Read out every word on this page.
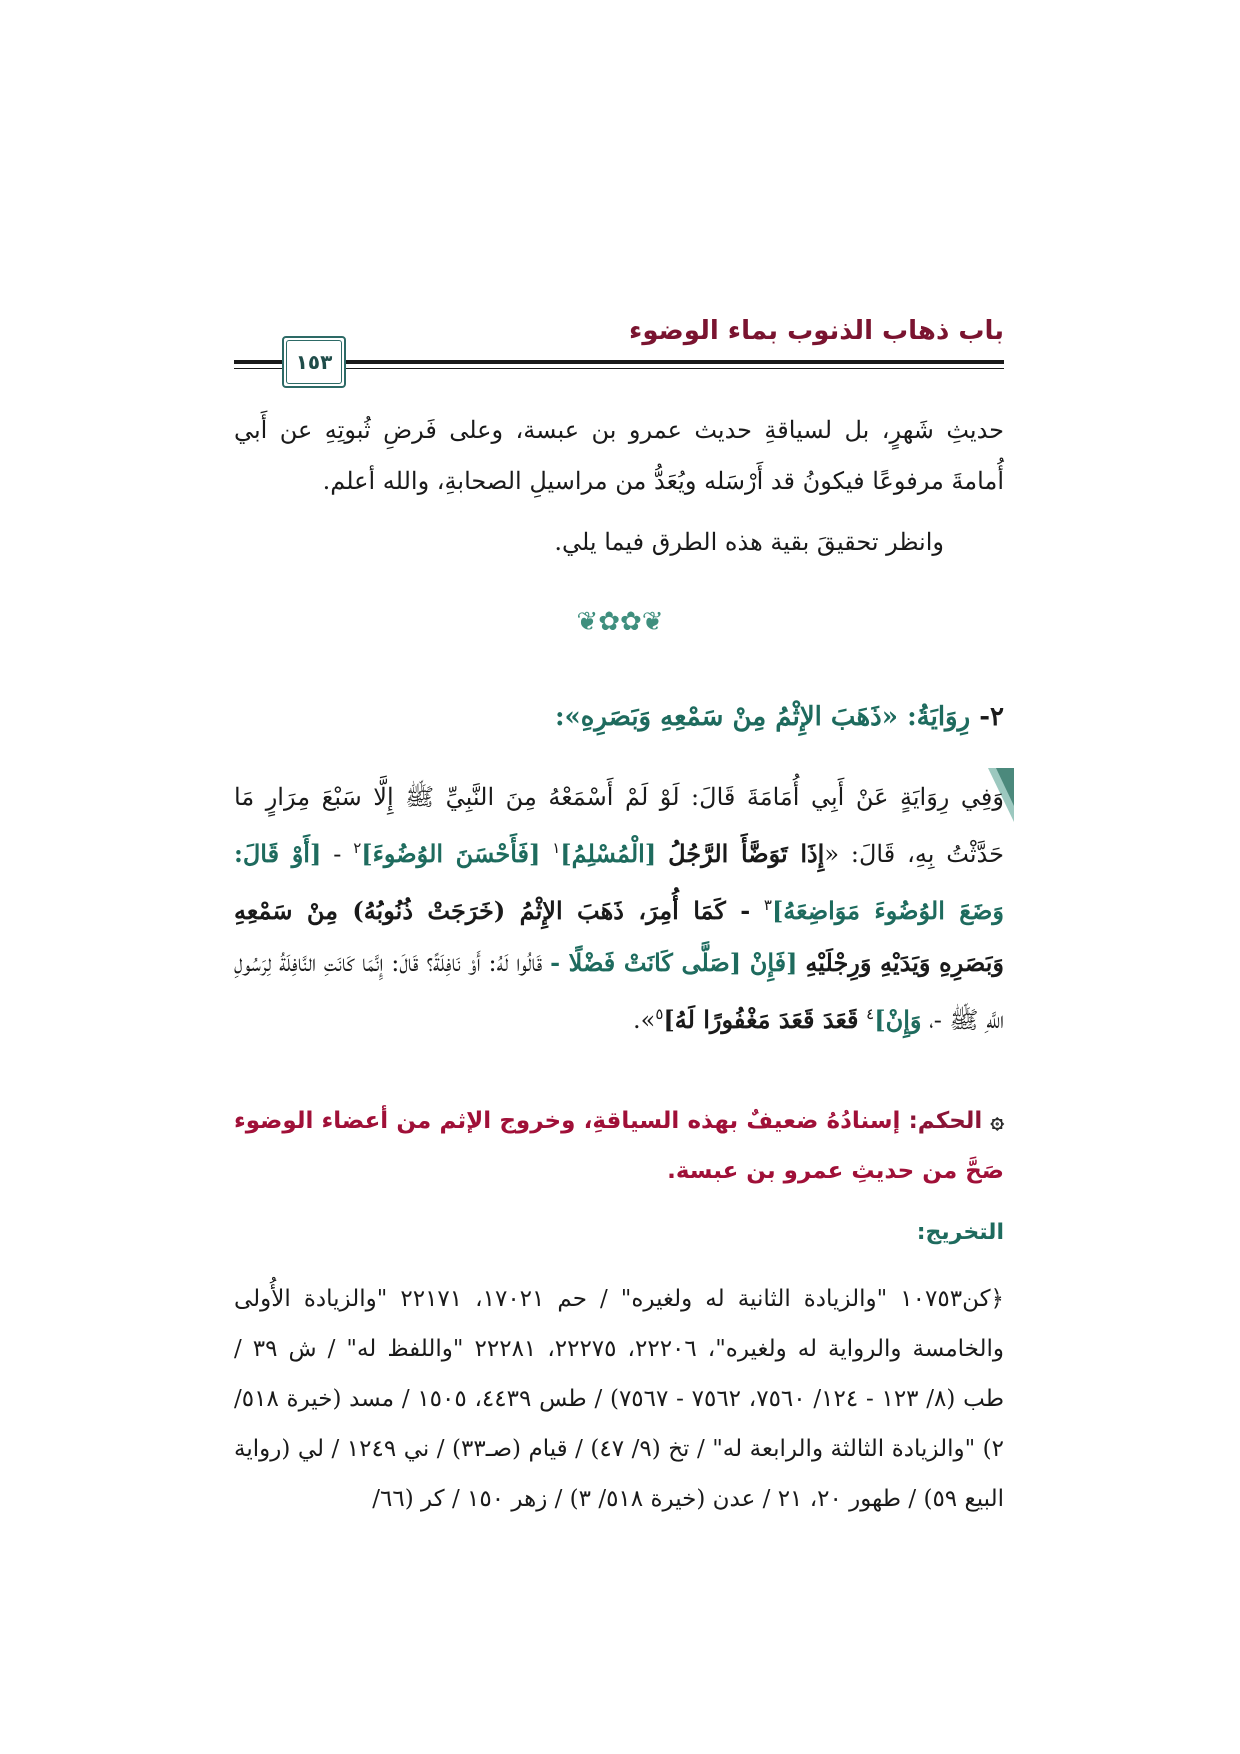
باب ذهاب الذنوب بماء الوضوء
١٥٣

حديثِ شَهرٍ، بل لسياقةِ حديث عمرو بن عبسة، وعلى فَرضِ ثُبوتِهِ عن أَبي أُمامةَ مرفوعًا فيكونُ قد أَرْسَله ويُعَدُّ من مراسيلِ الصحابةِ، والله أعلم.

وانظر تحقيقَ بقية هذه الطرق فيما يلي.

❦✿✿❦
٢- رِوَايَةُ: «ذَهَبَ الإِثْمُ مِنْ سَمْعِهِ وَبَصَرِهِ»:

وَفِي رِوَايَةٍ عَنْ أَبِي أُمَامَةَ قَالَ: لَوْ لَمْ أَسْمَعْهُ مِنَ النَّبِيِّ ﷺ إِلَّا سَبْعَ مِرَارٍ مَا حَدَّثْتُ بِهِ، قَالَ: «إِذَا تَوَضَّأَ الرَّجُلُ [الْمُسْلِمُ]$^١$ [فَأَحْسَنَ الوُضُوءَ]$^٢$ - [أَوْ قَالَ: وَضَعَ الوُضُوءَ مَوَاضِعَهُ]$^٣$ - كَمَا أُمِرَ، ذَهَبَ الإِثْمُ (خَرَجَتْ ذُنُوبُهُ) مِنْ سَمْعِهِ وَبَصَرِهِ وَيَدَيْهِ وَرِجْلَيْهِ [فَإِنْ [صَلَّى كَانَتْ فَضْلًا - قَالُوا لَهُ: أَوْ نَافِلَةً؟ قَالَ: إِنَّمَا كَانَتِ النَّافِلَةُ لِرَسُولِ اللَّهِ ﷺ -، وَإِنْ]$^٤$ قَعَدَ قَعَدَ مَغْفُورًا لَهُ]$^٥$».

۞ الحكم: إسنادُهُ ضعيفٌ بهذه السياقةِ، وخروج الإثم من أعضاء الوضوء صَحَّ من حديثِ عمرو بن عبسة.

التخريج:

﴿كن١٠٧٥٣ "والزيادة الثانية له ولغيره" / حم ١٧٠٢١، ٢٢١٧١ "والزيادة الأُولى والخامسة والرواية له ولغيره"، ٢٢٢٠٦، ٢٢٢٧٥، ٢٢٢٨١ "واللفظ له" / ش ٣٩ / طب (٨/ ١٢٣ - ١٢٤/ ٧٥٦٠، ٧٥٦٢ - ٧٥٦٧) / طس ٤٤٣٩، ١٥٠٥ / مسد (خيرة ٥١٨/ ٢) "والزيادة الثالثة والرابعة له" / تخ (٩/ ٤٧) / قيام (صـ٣٣) / ني ١٢٤٩ / لي (رواية البيع ٥٩) / طهور ٢٠، ٢١ / عدن (خيرة ٥١٨/ ٣) / زهر ١٥٠ / كر (٦٦/
